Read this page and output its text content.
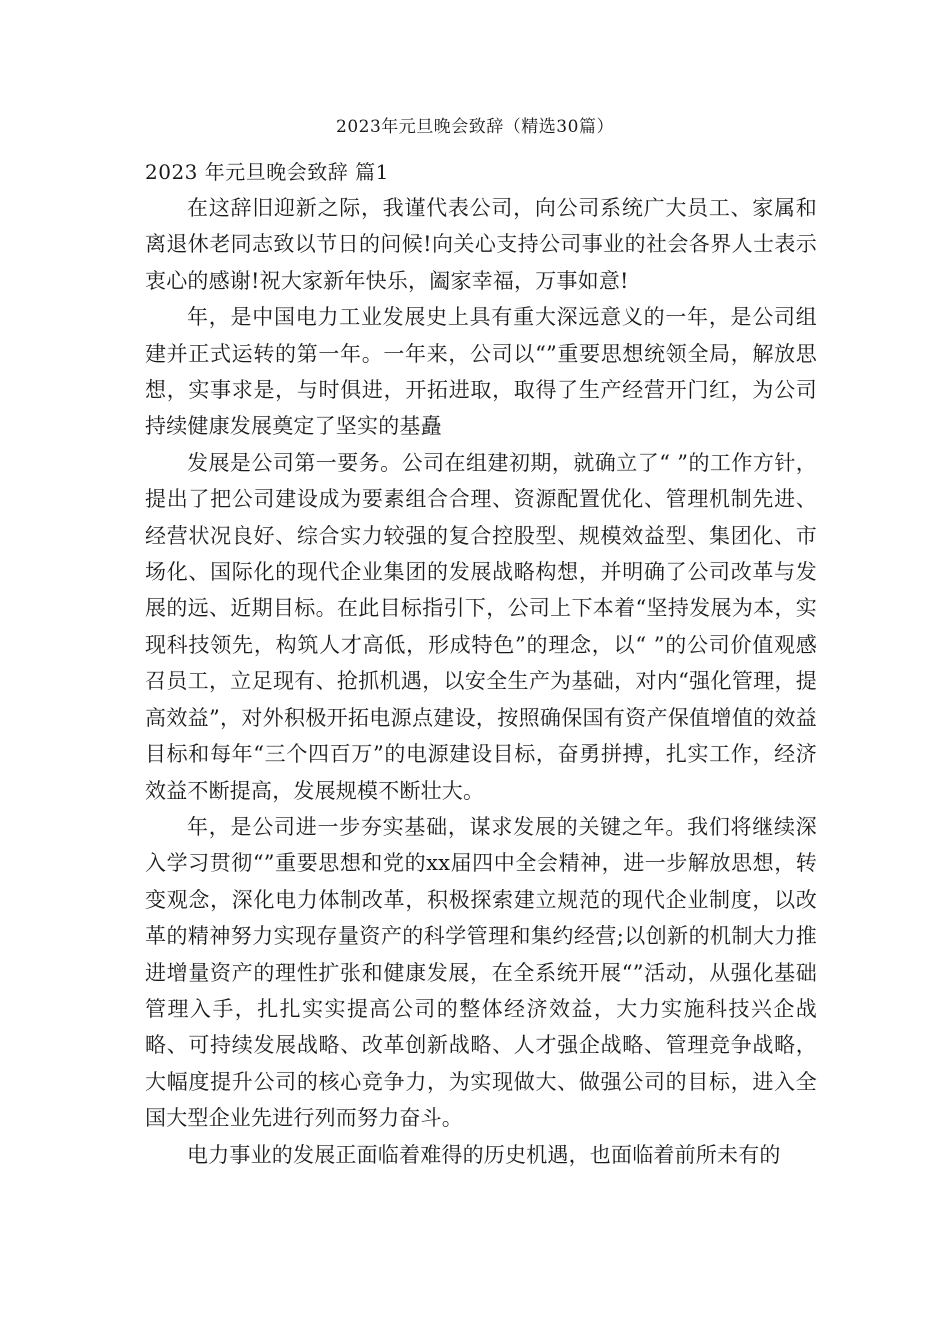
2023年元旦晚会致辞（精选30篇）
2023 年元旦晚会致辞 篇1

在这辞旧迎新之际，我谨代表公司，向公司系统广大员工、家属和离退休老同志致以节日的问候!向关心支持公司事业的社会各界人士表示衷心的感谢!祝大家新年快乐，阖家幸福，万事如意!

年，是中国电力工业发展史上具有重大深远意义的一年，是公司组建并正式运转的第一年。一年来，公司以“”重要思想统领全局，解放思想，实事求是，与时俱进，开拓进取，取得了生产经营开门红，为公司持续健康发展奠定了坚实的基矗

发展是公司第一要务。公司在组建初期，就确立了“ ”的工作方针，提出了把公司建设成为要素组合合理、资源配置优化、管理机制先进、经营状况良好、综合实力较强的复合控股型、规模效益型、集团化、市场化、国际化的现代企业集团的发展战略构想，并明确了公司改革与发展的远、近期目标。在此目标指引下，公司上下本着“坚持发展为本，实现科技领先，构筑人才高低，形成特色”的理念，以“ ”的公司价值观感召员工，立足现有、抢抓机遇，以安全生产为基础，对内“强化管理，提高效益”，对外积极开拓电源点建设，按照确保国有资产保值增值的效益目标和每年“三个四百万”的电源建设目标，奋勇拼搏，扎实工作，经济效益不断提高，发展规模不断壮大。

年，是公司进一步夯实基础，谋求发展的关键之年。我们将继续深入学习贯彻“”重要思想和党的xx届四中全会精神，进一步解放思想，转变观念，深化电力体制改革，积极探索建立规范的现代企业制度，以改革的精神努力实现存量资产的科学管理和集约经营;以创新的机制大力推进增量资产的理性扩张和健康发展，在全系统开展“”活动，从强化基础管理入手，扎扎实实提高公司的整体经济效益，大力实施科技兴企战略、可持续发展战略、改革创新战略、人才强企战略、管理竞争战略，大幅度提升公司的核心竞争力，为实现做大、做强公司的目标，进入全国大型企业先进行列而努力奋斗。

电力事业的发展正面临着难得的历史机遇，也面临着前所未有的
